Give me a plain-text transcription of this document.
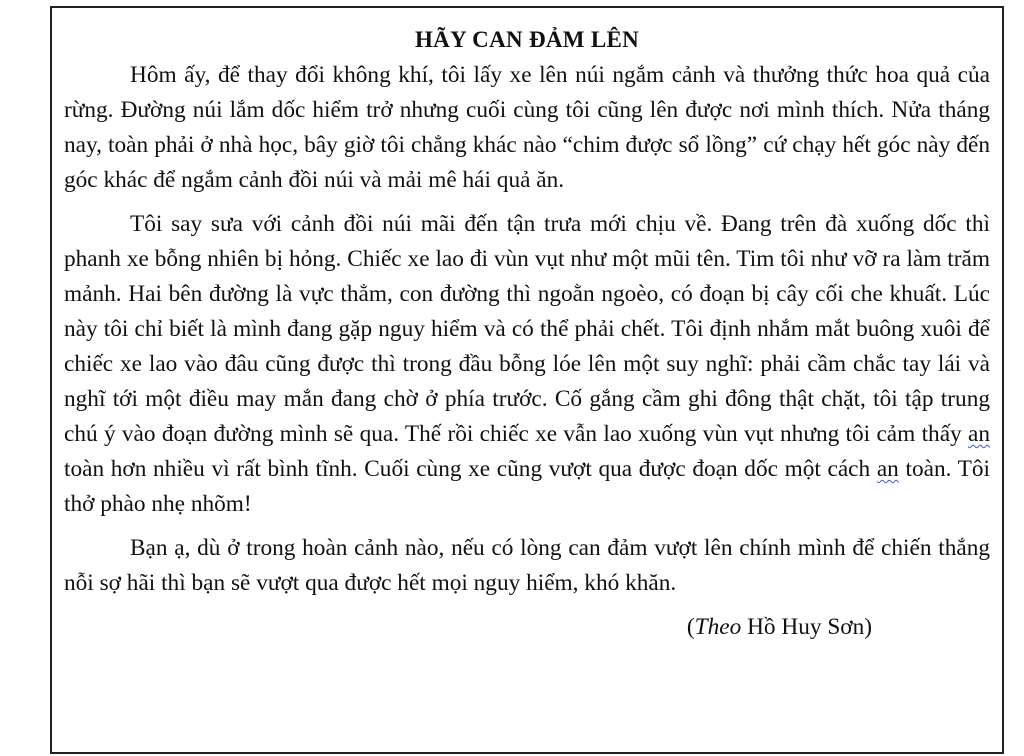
HÃY CAN ĐẢM LÊN

Hôm ấy, để thay đổi không khí, tôi lấy xe lên núi ngắm cảnh và thưởng thức hoa quả của rừng. Đường núi lắm dốc hiểm trở nhưng cuối cùng tôi cũng lên được nơi mình thích. Nửa tháng nay, toàn phải ở nhà học, bây giờ tôi chẳng khác nào “chim được sổ lồng” cứ chạy hết góc này đến góc khác để ngắm cảnh đồi núi và mải mê hái quả ăn.

Tôi say sưa với cảnh đồi núi mãi đến tận trưa mới chịu về. Đang trên đà xuống dốc thì phanh xe bỗng nhiên bị hỏng. Chiếc xe lao đi vùn vụt như một mũi tên. Tim tôi như vỡ ra làm trăm mảnh. Hai bên đường là vực thẳm, con đường thì ngoằn ngoèo, có đoạn bị cây cối che khuất. Lúc này tôi chỉ biết là mình đang gặp nguy hiểm và có thể phải chết. Tôi định nhắm mắt buông xuôi để chiếc xe lao vào đâu cũng được thì trong đầu bỗng lóe lên một suy nghĩ: phải cầm chắc tay lái và nghĩ tới một điều may mắn đang chờ ở phía trước. Cố gắng cầm ghi đông thật chặt, tôi tập trung chú ý vào đoạn đường mình sẽ qua. Thế rồi chiếc xe vẫn lao xuống vùn vụt nhưng tôi cảm thấy an toàn hơn nhiều vì rất bình tĩnh. Cuối cùng xe cũng vượt qua được đoạn dốc một cách an toàn. Tôi thở phào nhẹ nhõm!

Bạn ạ, dù ở trong hoàn cảnh nào, nếu có lòng can đảm vượt lên chính mình để chiến thắng nỗi sợ hãi thì bạn sẽ vượt qua được hết mọi nguy hiểm, khó khăn.

(Theo Hồ Huy Sơn)
